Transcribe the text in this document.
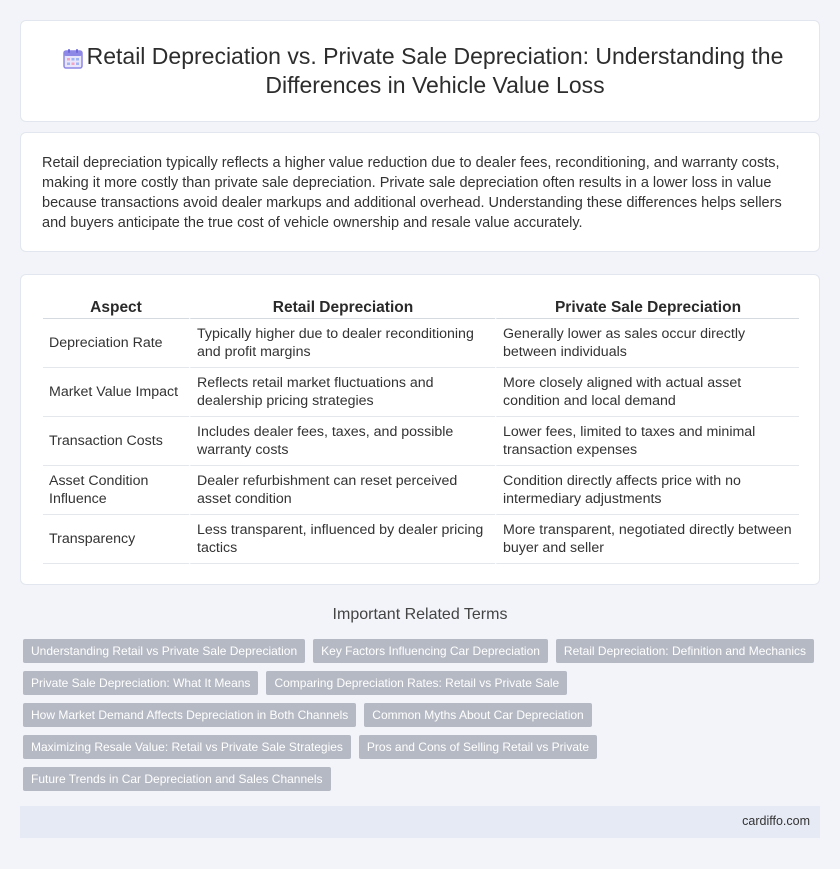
Retail Depreciation vs. Private Sale Depreciation: Understanding the Differences in Vehicle Value Loss

Retail depreciation typically reflects a higher value reduction due to dealer fees, reconditioning, and warranty costs, making it more costly than private sale depreciation. Private sale depreciation often results in a lower loss in value because transactions avoid dealer markups and additional overhead. Understanding these differences helps sellers and buyers anticipate the true cost of vehicle ownership and resale value accurately.

Aspect	Retail Depreciation	Private Sale Depreciation
Depreciation Rate	Typically higher due to dealer reconditioning and profit margins	Generally lower as sales occur directly between individuals
Market Value Impact	Reflects retail market fluctuations and dealership pricing strategies	More closely aligned with actual asset condition and local demand
Transaction Costs	Includes dealer fees, taxes, and possible warranty costs	Lower fees, limited to taxes and minimal transaction expenses
Asset Condition Influence	Dealer refurbishment can reset perceived asset condition	Condition directly affects price with no intermediary adjustments
Transparency	Less transparent, influenced by dealer pricing tactics	More transparent, negotiated directly between buyer and seller
Important Related Terms
Understanding Retail vs Private Sale Depreciation	Key Factors Influencing Car Depreciation	Retail Depreciation: Definition and Mechanics
Private Sale Depreciation: What It Means	Comparing Depreciation Rates: Retail vs Private Sale
How Market Demand Affects Depreciation in Both Channels	Common Myths About Car Depreciation
Maximizing Resale Value: Retail vs Private Sale Strategies	Pros and Cons of Selling Retail vs Private
Future Trends in Car Depreciation and Sales Channels
cardiffo.com
